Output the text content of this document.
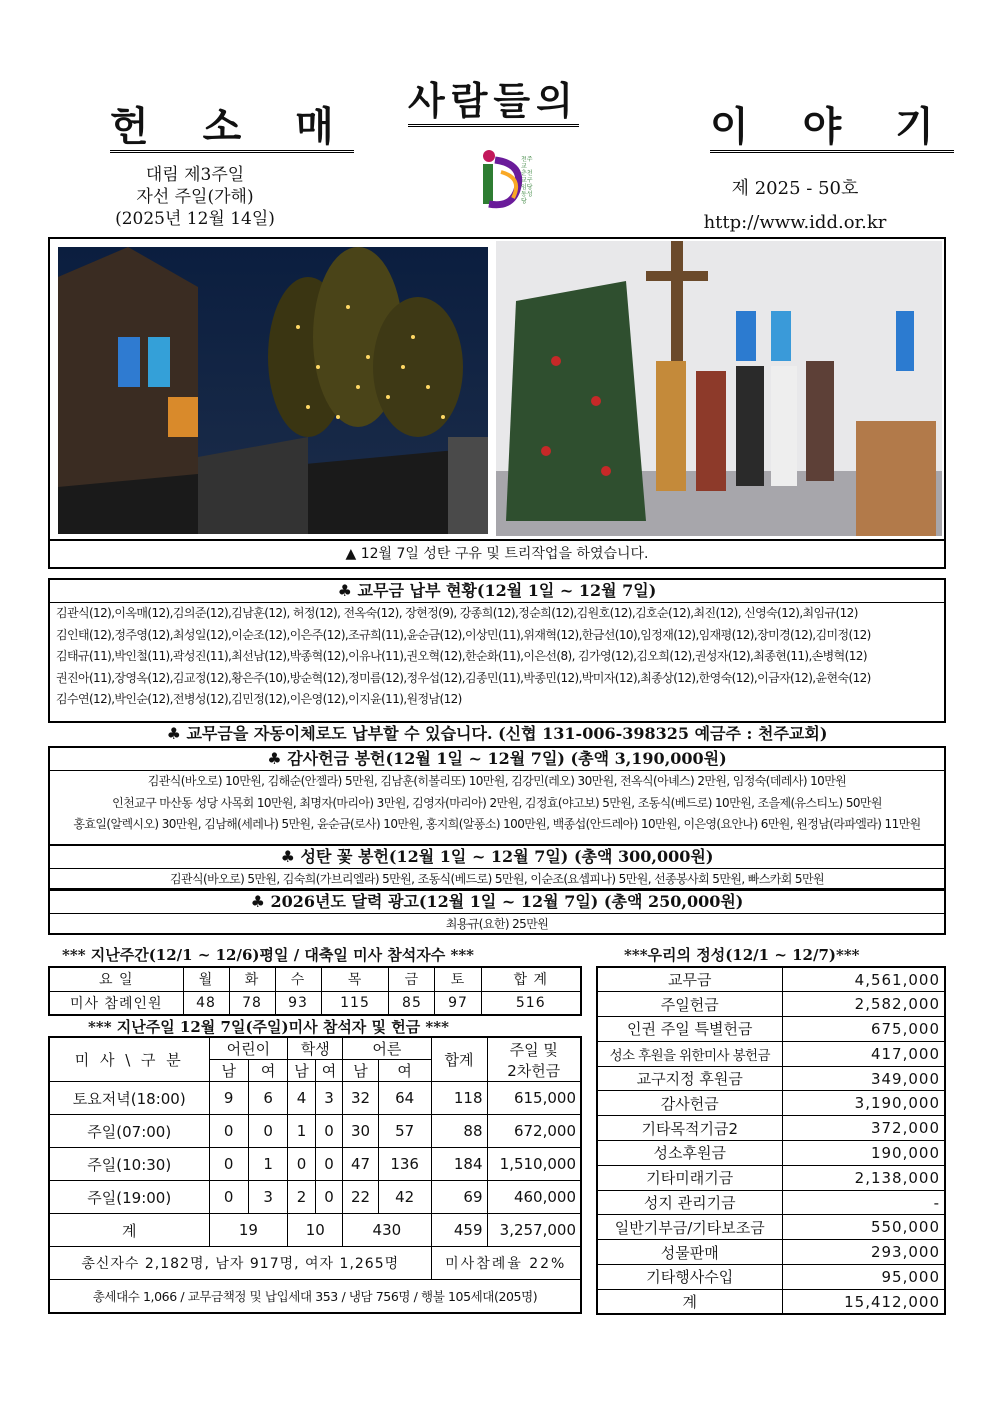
헌 소 매
사람들의
이 야 기
대림 제3주일
자선 주일(가해)
(2025년 12월 14일)
천주교 춘천교구 임당동성당
제 2025 - 50호
http://www.idd.or.kr
▲ 12월 7일 성탄 구유 및 트리작업을 하였습니다.
♣ 교무금 납부 현황(12월 1일 ~ 12월 7일)
김관식(12),이옥매(12),김의준(12),김남훈(12), 허정(12), 전옥숙(12), 장현정(9), 강종희(12),정순희(12),김원호(12),김호순(12),최진(12), 신영숙(12),최임규(12)
김인태(12),정주영(12),최성일(12),이순조(12),이은주(12),조규희(11),윤순금(12),이상민(11),위재혁(12),한금선(10),임정재(12),임재평(12),장미경(12),김미정(12)
김태규(11),박인철(11),곽성진(11),최선남(12),박종혁(12),이유나(11),권오혁(12),한순화(11),이은선(8), 김가영(12),김오희(12),권성자(12),최종현(11),손병혁(12)
권진아(11),장영옥(12),김교정(12),황은주(10),방순혁(12),정미름(12),정우섭(12),김종민(11),박종민(12),박미자(12),최종상(12),한영숙(12),이금자(12),윤현숙(12)
김수연(12),박인순(12),전병성(12),김민정(12),이은영(12),이지윤(11),원정남(12)
♣ 교무금을 자동이체로도 납부할 수 있습니다. (신협 131-006-398325 예금주 : 천주교회)
♣ 감사헌금 봉헌(12월 1일 ~ 12월 7일) (총액 3,190,000원)
김관식(바오로) 10만원, 김해순(안젤라) 5만원, 김남훈(히볼리또) 10만원, 김강민(레오) 30만원, 전옥식(아녜스) 2만원, 임정숙(데레사) 10만원
인천교구 마산동 성당 사목회 10만원, 최명자(마리아) 3만원, 김영자(마리아) 2만원, 김정효(야고보) 5만원, 조동식(베드로) 10만원, 조을제(유스티노) 50만원
홍효일(알렉시오) 30만원, 김남해(세레나) 5만원, 윤순금(로사) 10만원, 홍지희(알퐁소) 100만원, 백종섭(안드레아) 10만원, 이은영(요안나) 6만원, 원정남(라파엘라) 11만원
♣ 성탄 꽃 봉헌(12월 1일 ~ 12월 7일) (총액 300,000원)
김관식(바오로) 5만원, 김숙희(가브리엘라) 5만원, 조동식(베드로) 5만원, 이순조(요셉피나) 5만원, 선종봉사회 5만원, 빠스카회 5만원
♣ 2026년도 달력 광고(12월 1일 ~ 12월 7일) (총액 250,000원)
최용규(요한) 25만원
*** 지난주간(12/1 ~ 12/6)평일 / 대축일 미사 참석자수 ***
요 일	월	화	수	목	금	토	합 계
미사 참례인원	48	78	93	115	85	97	516
*** 지난주일 12월 7일(주일)미사 참석자 및 헌금 ***
미 사 \ 구 분	어린이		학생		어른		합계	주일 및
2차헌금

	남	여	남	여	남	여		
토요저녁(18:00)	9	6	4	3	32	64	118	615,000
주일(07:00)	0	0	1	0	30	57	88	672,000
주일(10:30)	0	1	0	0	47	136	184	1,510,000
주일(19:00)	0	3	2	0	22	42	69	460,000
계	19		10		430		459	3,257,000
총신자수 2,182명, 남자 917명, 여자 1,265명							미사참례율 22%	
총세대수 1,066 / 교무금책정 및 납입세대 353 / 냉담 756명 / 행불 105세대(205명)								
***우리의 정성(12/1 ~ 12/7)***
교무금	4,561,000
주일헌금	2,582,000
인권 주일 특별헌금	675,000
성소 후원을 위한미사 봉헌금	417,000
교구지정 후원금	349,000
감사헌금	3,190,000
기타목적기금2	372,000
성소후원금	190,000
기타미래기금	2,138,000
성지 관리기금	-
일반기부금/기타보조금	550,000
성물판매	293,000
기타행사수입	95,000
계	15,412,000
